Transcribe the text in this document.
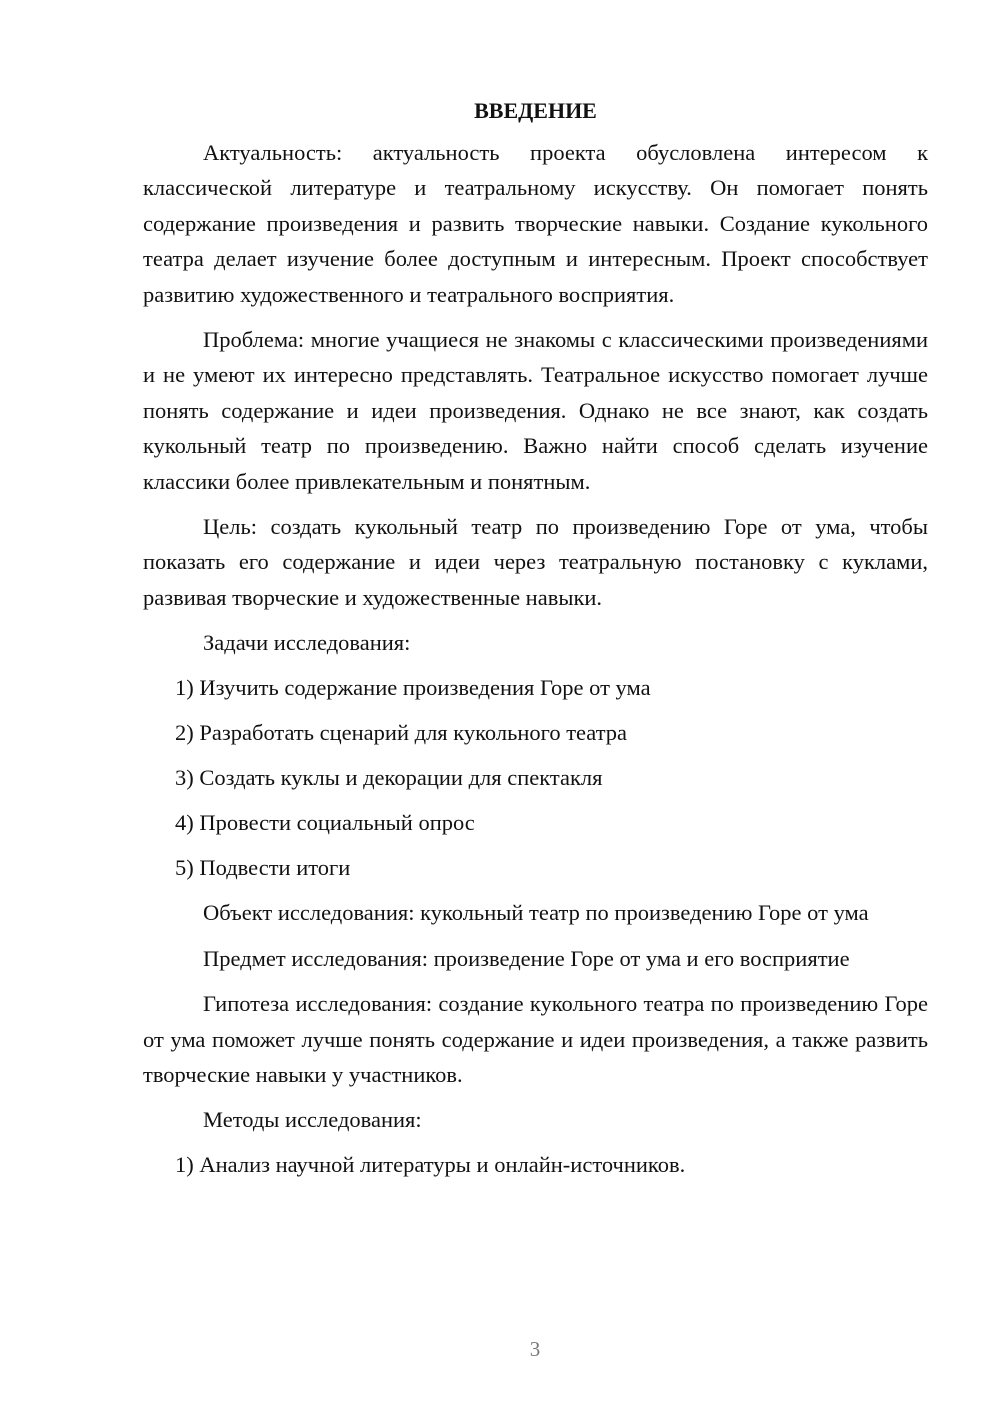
ВВЕДЕНИЕ

Актуальность: актуальность проекта обусловлена интересом к классической литературе и театральному искусству. Он помогает понять содержание произведения и развить творческие навыки. Создание кукольного театра делает изучение более доступным и интересным. Проект способствует развитию художественного и театрального восприятия.

Проблема: многие учащиеся не знакомы с классическими произведениями и не умеют их интересно представлять. Театральное искусство помогает лучше понять содержание и идеи произведения. Однако не все знают, как создать кукольный театр по произведению. Важно найти способ сделать изучение классики более привлекательным и понятным.

Цель: создать кукольный театр по произведению Горе от ума, чтобы показать его содержание и идеи через театральную постановку с куклами, развивая творческие и художественные навыки.

Задачи исследования:

1) Изучить содержание произведения Горе от ума

2) Разработать сценарий для кукольного театра

3) Создать куклы и декорации для спектакля

4) Провести социальный опрос

5) Подвести итоги

Объект исследования: кукольный театр по произведению Горе от ума

Предмет исследования: произведение Горе от ума и его восприятие

Гипотеза исследования: создание кукольного театра по произведению Горе от ума поможет лучше понять содержание и идеи произведения, а также развить творческие навыки у участников.

Методы исследования:

1) Анализ научной литературы и онлайн-источников.

3
